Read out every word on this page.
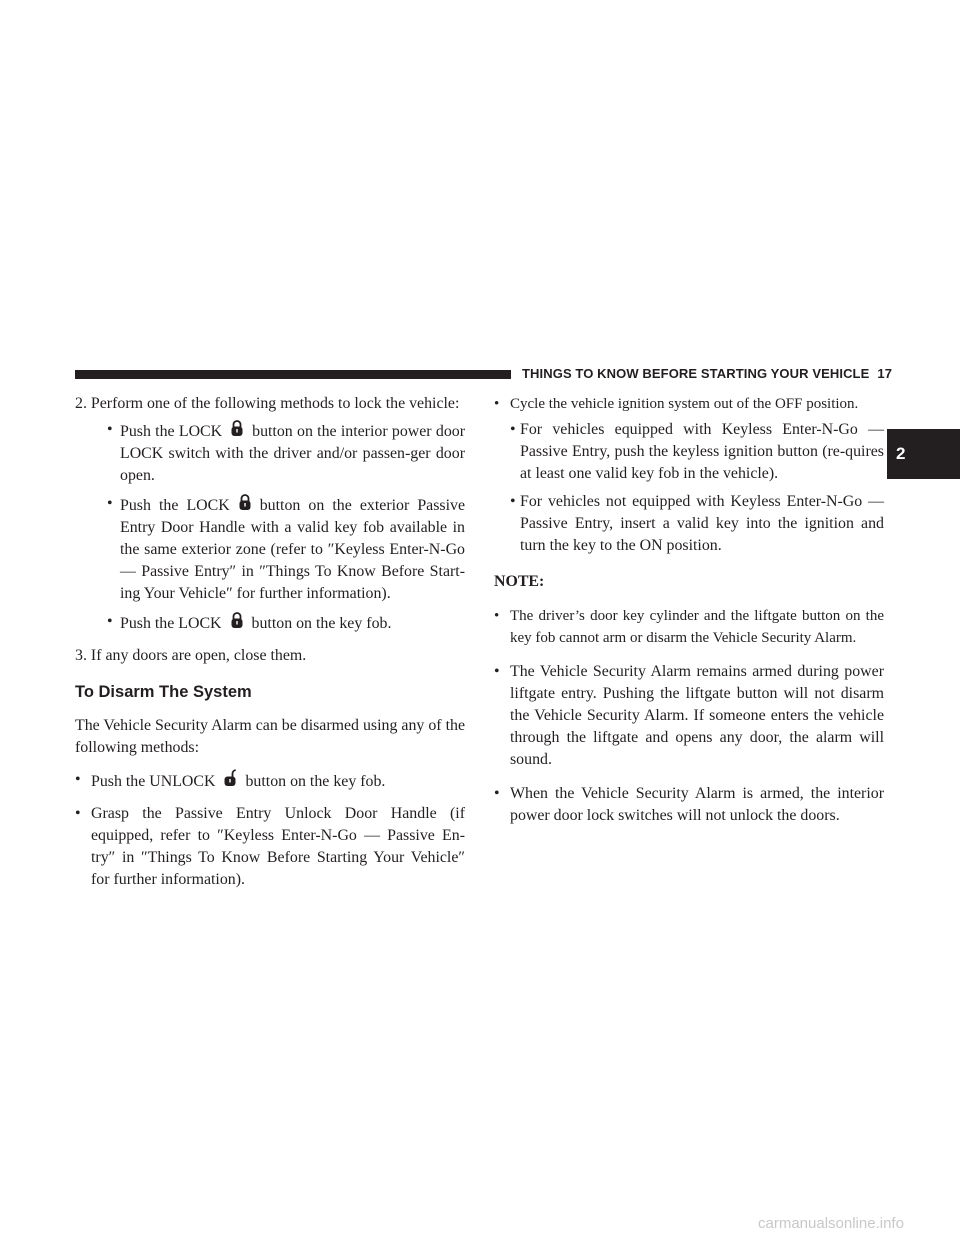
THINGS TO KNOW BEFORE STARTING YOUR VEHICLE 17
2

2. Perform one of the following methods to lock the vehicle:

• Push the LOCK button on the interior power door LOCK switch with the driver and/or passen-ger door open.

• Push the LOCK button on the exterior Passive Entry Door Handle with a valid key fob available in the same exterior zone (refer to ″Keyless Enter-N-Go — Passive Entry″ in ″Things To Know Before Start-ing Your Vehicle″ for further information).

• Push the LOCK button on the key fob.

3. If any doors are open, close them.

To Disarm The System

The Vehicle Security Alarm can be disarmed using any of the following methods:

• Push the UNLOCK button on the key fob.

• Grasp the Passive Entry Unlock Door Handle (if equipped, refer to ″Keyless Enter-N-Go — Passive En-try″ in ″Things To Know Before Starting Your Vehicle″ for further information).

• Cycle the vehicle ignition system out of the OFF position.

• For vehicles equipped with Keyless Enter-N-Go — Passive Entry, push the keyless ignition button (re-quires at least one valid key fob in the vehicle).

• For vehicles not equipped with Keyless Enter-N-Go — Passive Entry, insert a valid key into the ignition and turn the key to the ON position.

NOTE:

• The driver’s door key cylinder and the liftgate button on the key fob cannot arm or disarm the Vehicle Security Alarm.

• The Vehicle Security Alarm remains armed during power liftgate entry. Pushing the liftgate button will not disarm the Vehicle Security Alarm. If someone enters the vehicle through the liftgate and opens any door, the alarm will sound.

• When the Vehicle Security Alarm is armed, the interior power door lock switches will not unlock the doors.

carmanualsonline.info
